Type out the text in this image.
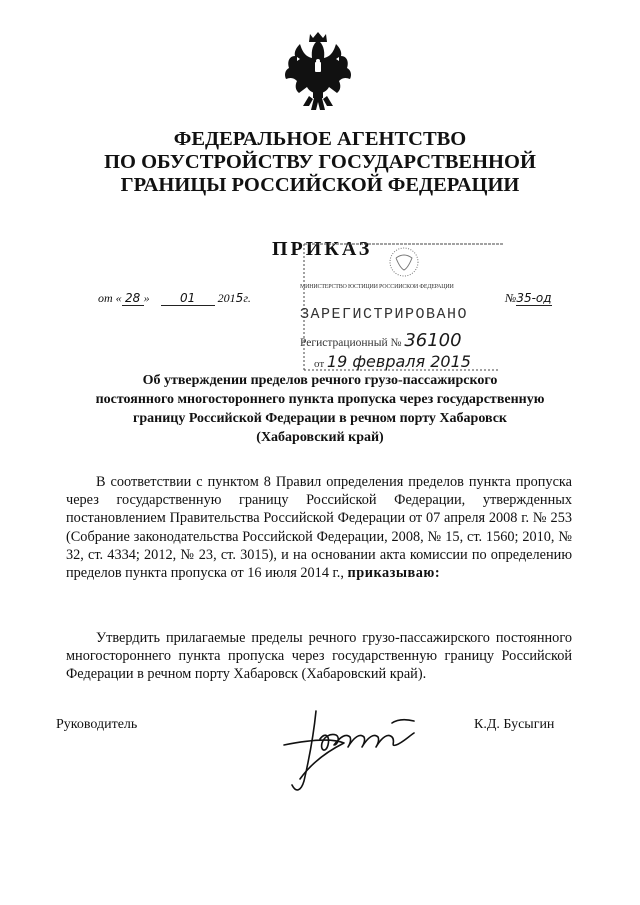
ФЕДЕРАЛЬНОЕ АГЕНТСТВО
ПО ОБУСТРОЙСТВУ ГОСУДАРСТВЕННОЙ
ГРАНИЦЫ РОССИЙСКОЙ ФЕДЕРАЦИИ
ПРИКАЗ
МИНИСТЕРСТВО ЮСТИЦИИ РОССИЙСКОЙ ФЕДЕРАЦИИ
ЗАРЕГИСТРИРОВАНО
Регистрационный № 36100
от 19 февраля 2015
от « 28 »	01 2015г.	№35-од
Об утверждении пределов речного грузо-пассажирского
постоянного многостороннего пункта пропуска через государственную
границу Российской Федерации в речном порту Хабаровск
(Хабаровский край)
В соответствии с пунктом 8 Правил определения пределов пункта пропуска через государственную границу Российской Федерации, утвержденных постановлением Правительства Российской Федерации от 07 апреля 2008 г. № 253 (Собрание законодательства Российской Федерации, 2008, № 15, ст. 1560; 2010, № 32, ст. 4334; 2012, № 23, ст. 3015), и на основании акта комиссии по определению пределов пункта пропуска от 16 июля 2014 г., приказываю:
Утвердить прилагаемые пределы речного грузо-пассажирского постоянного многостороннего пункта пропуска через государственную границу Российской Федерации в речном порту Хабаровск (Хабаровский край).
Руководитель	К.Д. Бусыгин
